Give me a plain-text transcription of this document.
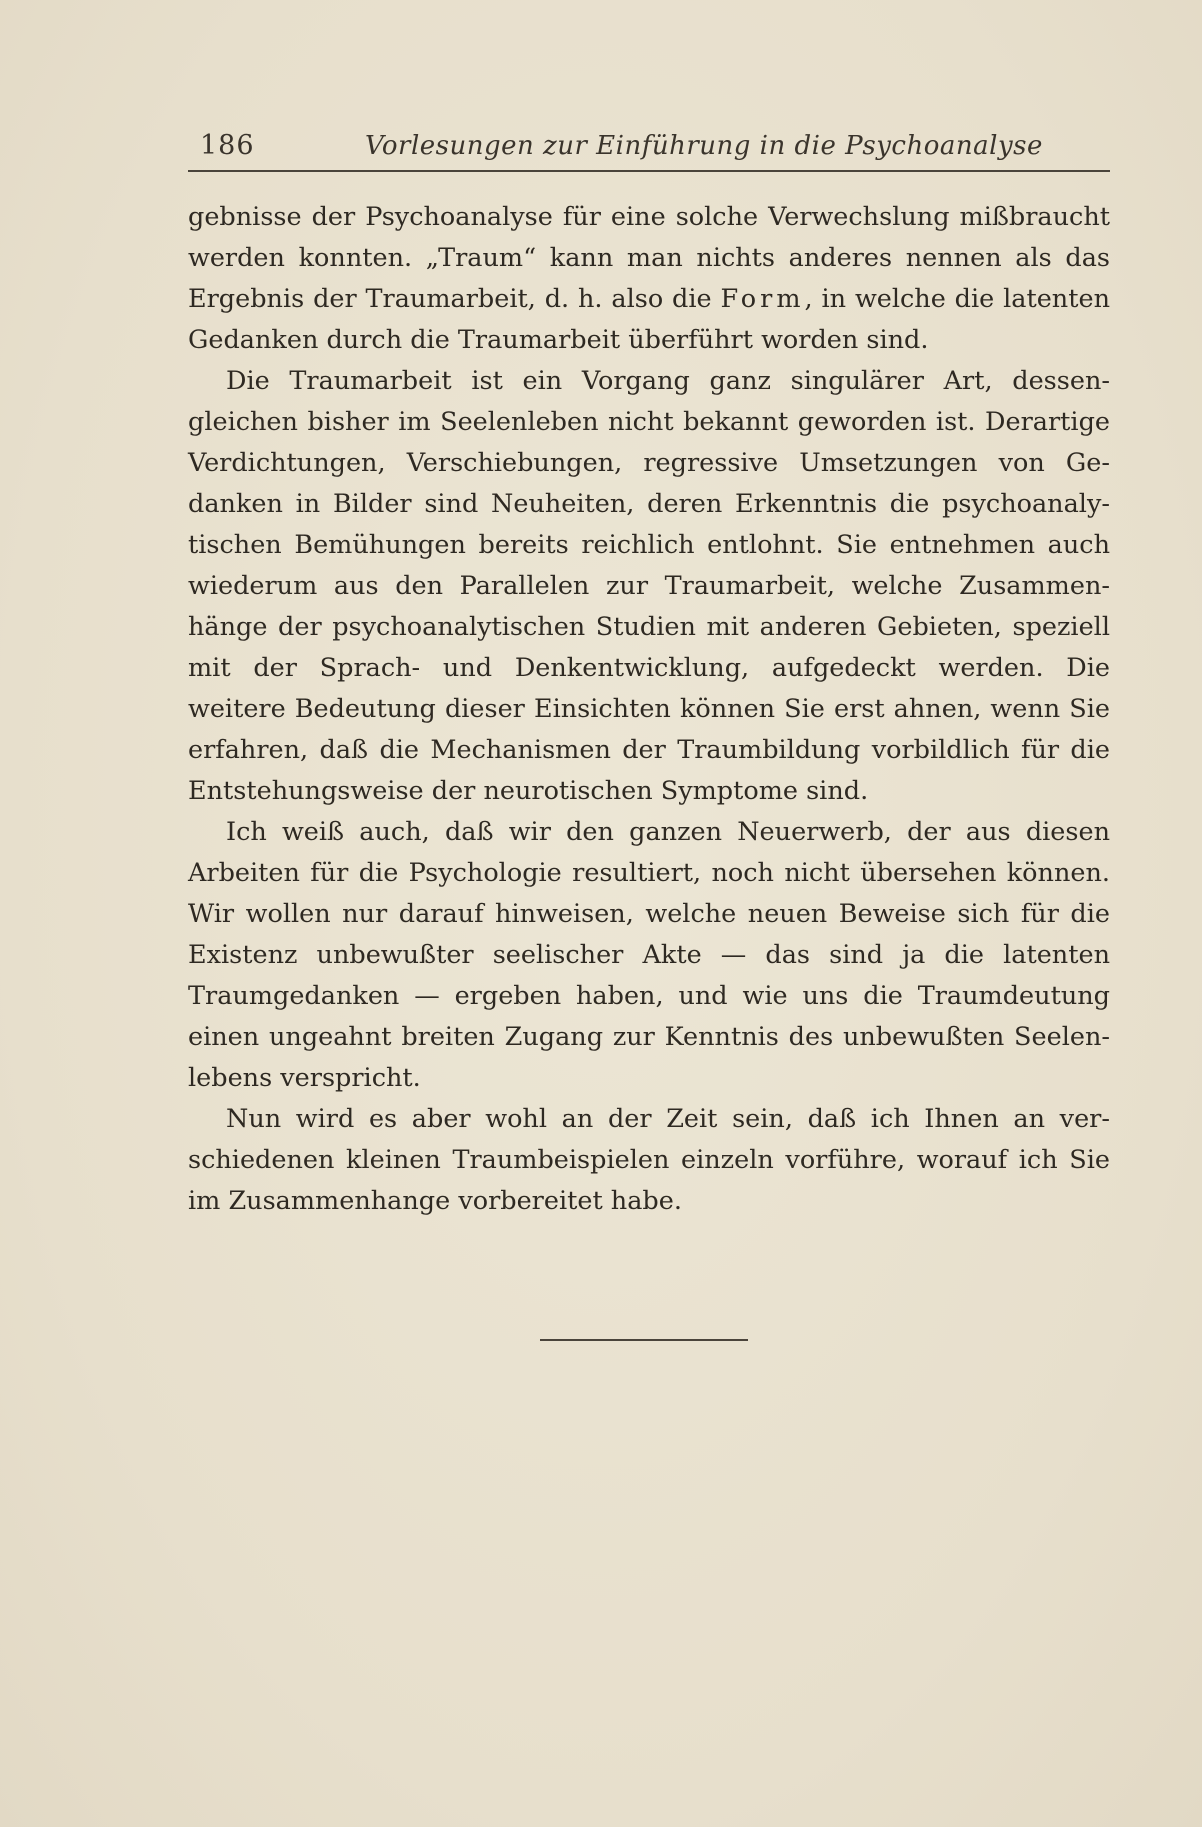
186	Vorlesungen zur Einführung in die Psychoanalyse

gebnisse der Psychoanalyse für eine solche Verwechslung mißbraucht werden konnten. „Traum“ kann man nichts anderes nennen als das Ergebnis der Traumarbeit, d. h. also die Form, in welche die latenten Gedanken durch die Traumarbeit überführt worden sind.

Die Traumarbeit ist ein Vorgang ganz singulärer Art, dessengleichen bisher im Seelenleben nicht bekannt geworden ist. Derartige Verdichtungen, Verschiebungen, regressive Umsetzungen von Gedanken in Bilder sind Neuheiten, deren Erkenntnis die psychoanalytischen Bemühungen bereits reichlich entlohnt. Sie entnehmen auch wiederum aus den Parallelen zur Traumarbeit, welche Zusammenhänge der psychoanalytischen Studien mit anderen Gebieten, speziell mit der Sprach- und Denkentwicklung, aufgedeckt werden. Die weitere Bedeutung dieser Einsichten können Sie erst ahnen, wenn Sie erfahren, daß die Mechanismen der Traumbildung vorbildlich für die Entstehungsweise der neurotischen Symptome sind.

Ich weiß auch, daß wir den ganzen Neuerwerb, der aus diesen Arbeiten für die Psychologie resultiert, noch nicht übersehen können. Wir wollen nur darauf hinweisen, welche neuen Beweise sich für die Existenz unbewußter seelischer Akte — das sind ja die latenten Traumgedanken — ergeben haben, und wie uns die Traumdeutung einen ungeahnt breiten Zugang zur Kenntnis des unbewußten Seelenlebens verspricht.

Nun wird es aber wohl an der Zeit sein, daß ich Ihnen an verschiedenen kleinen Traumbeispielen einzeln vorführe, worauf ich Sie im Zusammenhange vorbereitet habe.
